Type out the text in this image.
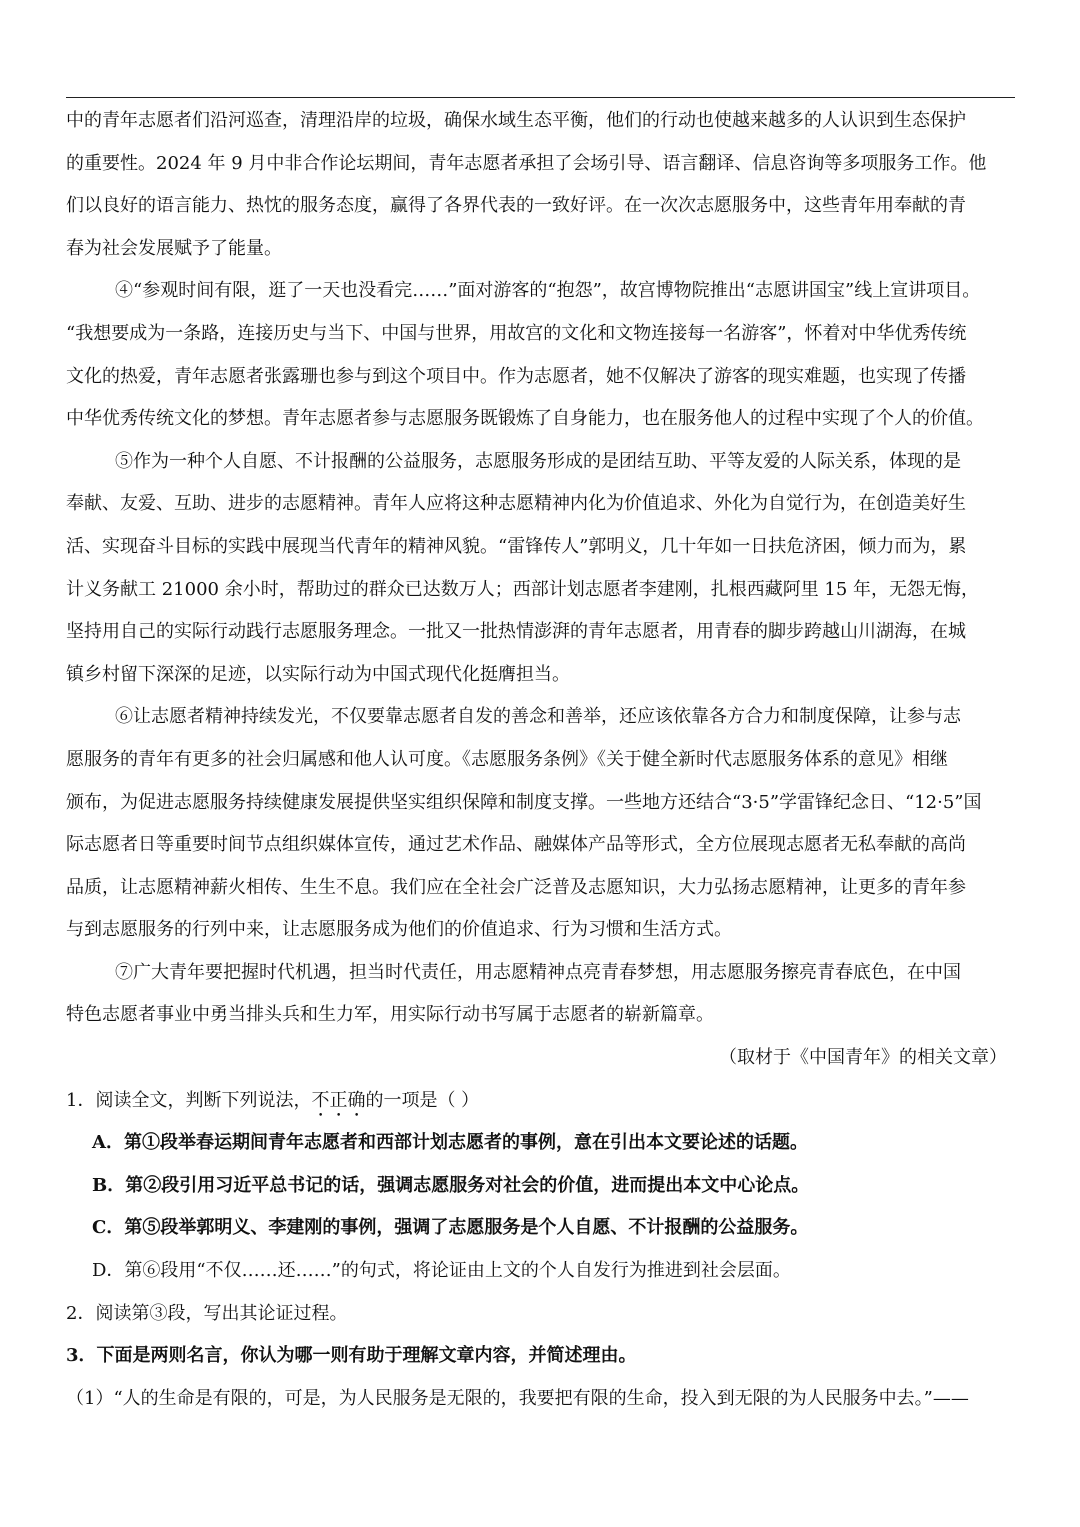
中的青年志愿者们沿河巡查，清理沿岸的垃圾，确保水域生态平衡，他们的行动也使越来越多的人认识到生态保护
的重要性。2024 年 9 月中非合作论坛期间，青年志愿者承担了会场引导、语言翻译、信息咨询等多项服务工作。他
们以良好的语言能力、热忱的服务态度，赢得了各界代表的一致好评。在一次次志愿服务中，这些青年用奉献的青
春为社会发展赋予了能量。
④“参观时间有限，逛了一天也没看完……”面对游客的“抱怨”，故宫博物院推出“志愿讲国宝”线上宣讲项目。
“我想要成为一条路，连接历史与当下、中国与世界，用故宫的文化和文物连接每一名游客”，怀着对中华优秀传统
文化的热爱，青年志愿者张露珊也参与到这个项目中。作为志愿者，她不仅解决了游客的现实难题，也实现了传播
中华优秀传统文化的梦想。青年志愿者参与志愿服务既锻炼了自身能力，也在服务他人的过程中实现了个人的价值。
⑤作为一种个人自愿、不计报酬的公益服务，志愿服务形成的是团结互助、平等友爱的人际关系，体现的是
奉献、友爱、互助、进步的志愿精神。青年人应将这种志愿精神内化为价值追求、外化为自觉行为，在创造美好生
活、实现奋斗目标的实践中展现当代青年的精神风貌。“雷锋传人”郭明义，几十年如一日扶危济困，倾力而为，累
计义务献工 21000 余小时，帮助过的群众已达数万人；西部计划志愿者李建刚，扎根西藏阿里 15 年，无怨无悔，
坚持用自己的实际行动践行志愿服务理念。一批又一批热情澎湃的青年志愿者，用青春的脚步跨越山川湖海，在城
镇乡村留下深深的足迹，以实际行动为中国式现代化挺膺担当。
⑥让志愿者精神持续发光，不仅要靠志愿者自发的善念和善举，还应该依靠各方合力和制度保障，让参与志
愿服务的青年有更多的社会归属感和他人认可度。《志愿服务条例》《关于健全新时代志愿服务体系的意见》相继
颁布，为促进志愿服务持续健康发展提供坚实组织保障和制度支撑。一些地方还结合“3·5”学雷锋纪念日、“12·5”国
际志愿者日等重要时间节点组织媒体宣传，通过艺术作品、融媒体产品等形式，全方位展现志愿者无私奉献的高尚
品质，让志愿精神薪火相传、生生不息。我们应在全社会广泛普及志愿知识，大力弘扬志愿精神，让更多的青年参
与到志愿服务的行列中来，让志愿服务成为他们的价值追求、行为习惯和生活方式。
⑦广大青年要把握时代机遇，担当时代责任，用志愿精神点亮青春梦想，用志愿服务擦亮青春底色，在中国
特色志愿者事业中勇当排头兵和生力军，用实际行动书写属于志愿者的崭新篇章。

（取材于《中国青年》的相关文章）

1．阅读全文，判断下列说法，不正确的一项是（ ）

A．第①段举春运期间青年志愿者和西部计划志愿者的事例，意在引出本文要论述的话题。

B．第②段引用习近平总书记的话，强调志愿服务对社会的价值，进而提出本文中心论点。

C．第⑤段举郭明义、李建刚的事例，强调了志愿服务是个人自愿、不计报酬的公益服务。

D．第⑥段用“不仅……还……”的句式，将论证由上文的个人自发行为推进到社会层面。

2．阅读第③段，写出其论证过程。

3．下面是两则名言，你认为哪一则有助于理解文章内容，并简述理由。

（1）“人的生命是有限的，可是，为人民服务是无限的，我要把有限的生命，投入到无限的为人民服务中去。”——
